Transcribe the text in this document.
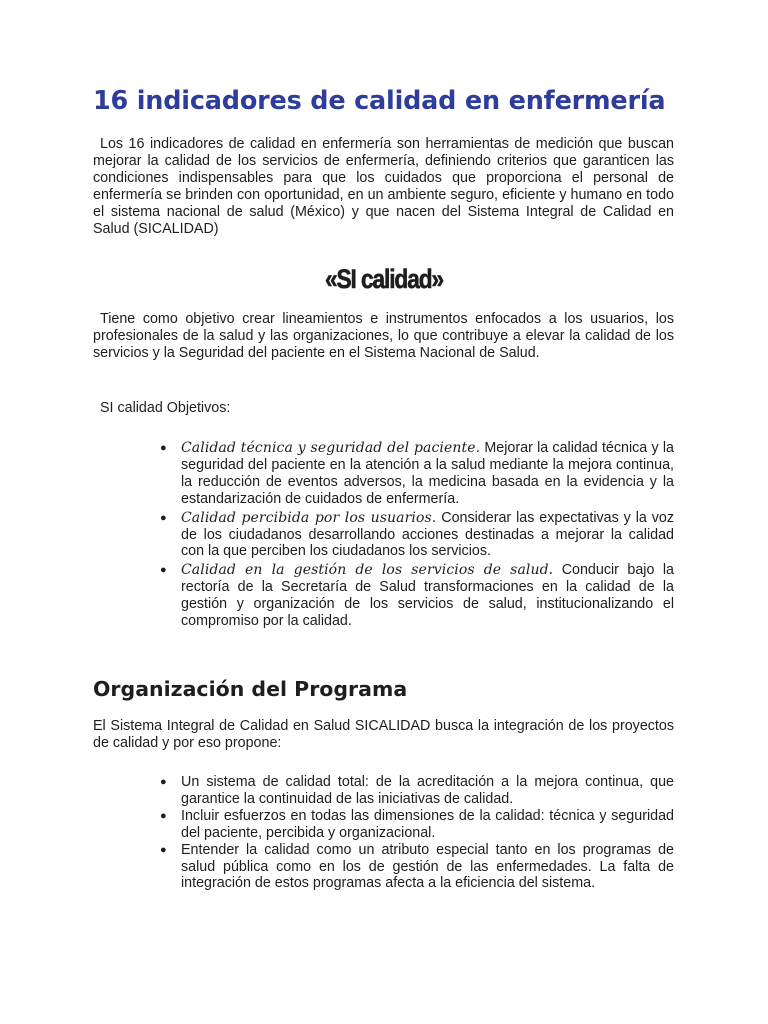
16 indicadores de calidad en enfermería

Los 16 indicadores de calidad en enfermería son herramientas de medición que buscan mejorar la calidad de los servicios de enfermería, definiendo criterios que garanticen las condiciones indispensables para que los cuidados que proporciona el personal de enfermería se brinden con oportunidad, en un ambiente seguro, eficiente y humano en todo el sistema nacional de salud (México) y que nacen del Sistema Integral de Calidad en Salud (SICALIDAD)

«SI calidad»

Tiene como objetivo crear lineamientos e instrumentos enfocados a los usuarios, los profesionales de la salud y las organizaciones, lo que contribuye a elevar la calidad de los servicios y la Seguridad del paciente en el Sistema Nacional de Salud.

SI calidad Objetivos:

● Calidad técnica y seguridad del paciente. Mejorar la calidad técnica y la seguridad del paciente en la atención a la salud mediante la mejora continua, la reducción de eventos adversos, la medicina basada en la evidencia y la estandarización de cuidados de enfermería.
● Calidad percibida por los usuarios. Considerar las expectativas y la voz de los ciudadanos desarrollando acciones destinadas a mejorar la calidad con la que perciben los ciudadanos los servicios.
● Calidad en la gestión de los servicios de salud. Conducir bajo la rectoría de la Secretaría de Salud transformaciones en la calidad de la gestión y organización de los servicios de salud, institucionalizando el compromiso por la calidad.
Organización del Programa

El Sistema Integral de Calidad en Salud SICALIDAD busca la integración de los proyectos de calidad y por eso propone:

● Un sistema de calidad total: de la acreditación a la mejora continua, que garantice la continuidad de las iniciativas de calidad.
● Incluir esfuerzos en todas las dimensiones de la calidad: técnica y seguridad del paciente, percibida y organizacional.
● Entender la calidad como un atributo especial tanto en los programas de salud pública como en los de gestión de las enfermedades. La falta de integración de estos programas afecta a la eficiencia del sistema.
